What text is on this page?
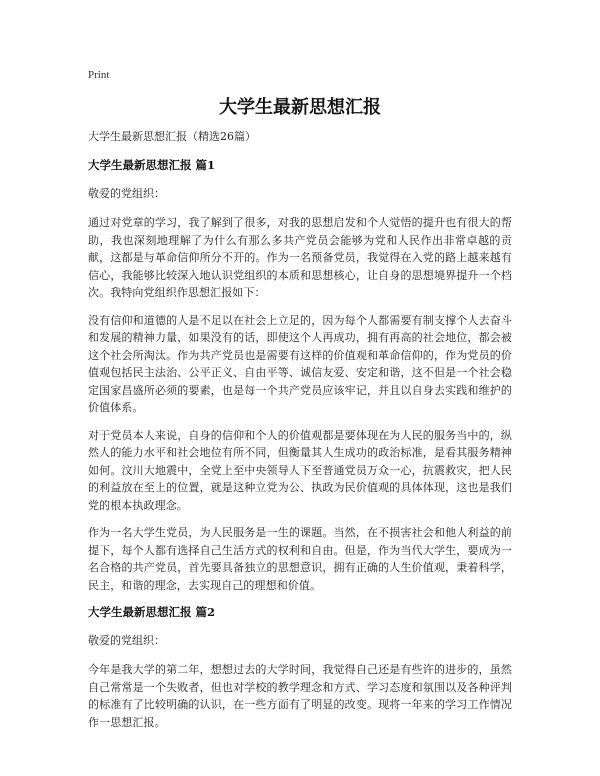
Print
大学生最新思想汇报
大学生最新思想汇报（精选26篇）
大学生最新思想汇报 篇1
敬爱的党组织：

通过对党章的学习，我了解到了很多，对我的思想启发和个人觉悟的提升也有很大的帮助，我也深刻地理解了为什么有那么多共产党员会能够为党和人民作出非常卓越的贡献，这都是与革命信仰所分不开的。作为一名预备党员，我觉得在入党的路上越来越有信心，我能够比较深入地认识党组织的本质和思想核心，让自身的思想境界提升一个档次。我特向党组织作思想汇报如下：

没有信仰和道德的人是不足以在社会上立足的，因为每个人都需要有制支撑个人去奋斗和发展的精神力量，如果没有的话，即使这个人再成功，拥有再高的社会地位，都会被这个社会所淘汰。作为共产党员也是需要有这样的价值观和革命信仰的，作为党员的价值观包括民主法治、公平正义、自由平等、诚信友爱、安定和谐，这不但是一个社会稳定国家昌盛所必须的要素，也是每一个共产党员应该牢记，并且以自身去实践和维护的价值体系。

对于党员本人来说，自身的信仰和个人的价值观都是要体现在为人民的服务当中的，纵然人的能力水平和社会地位有所不同，但衡量其人生成功的政治标准，是看其服务精神如何。汶川大地震中，全党上至中央领导人下至普通党员万众一心，抗震救灾，把人民的利益放在至上的位置，就是这种立党为公、执政为民价值观的具体体现，这也是我们党的根本执政理念。

作为一名大学生党员，为人民服务是一生的课题。当然，在不损害社会和他人利益的前提下，每个人都有选择自己生活方式的权利和自由。但是，作为当代大学生，要成为一名合格的共产党员，首先要具备独立的思想意识，拥有正确的人生价值观，秉着科学，民主，和谐的理念，去实现自己的理想和价值。

大学生最新思想汇报 篇2
敬爱的党组织：

今年是我大学的第二年，想想过去的大学时间，我觉得自己还是有些许的进步的，虽然自己常常是一个失败者，但也对学校的教学理念和方式、学习态度和氛围以及各种评判的标准有了比较明确的认识，在一些方面有了明显的改变。现将一年来的学习工作情况作一思想汇报。
